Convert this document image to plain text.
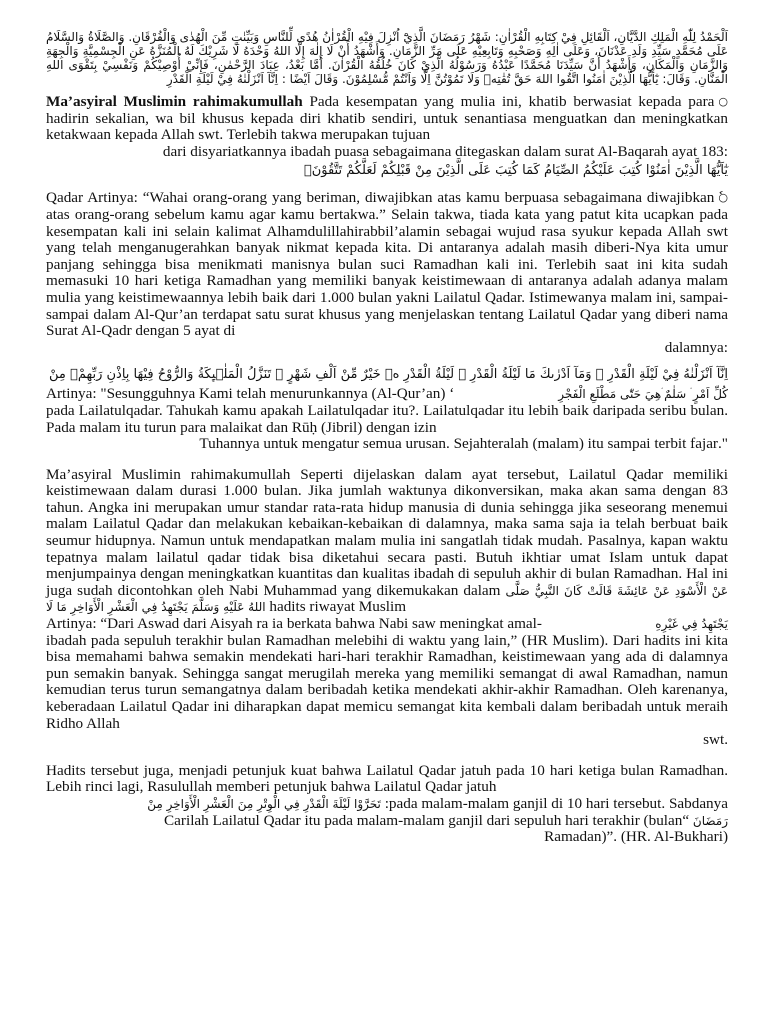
اَلْحَمْدُ لِلّٰهِ الْمَلِكِ الدَّيَّانِ، اَلْقَائِلِ فِيْ كِتَابِهِ الْقُرْاٰنِ: شَهْرُ رَمَضَانَ الَّذِيْٓ اُنْزِلَ فِيْهِ الْقُرْاٰنُ هُدًى لِّلنَّاسِ وَبَيِّنٰتٍ مِّنَ الْهُدٰى وَالْفُرْقَانِ. وَالصَّلَاةُ وَالسَّلَامُ عَلَى مُحَمَّدٍ سَيِّدِ وَلَدِ عَدْنَانَ، وَعَلَى اٰلِهِ وَصَحْبِهِ وَتَابِعِيْهِ عَلَى مَرِّ الزَّمَانِ. وَأَشْهَدُ أَنْ لَا إِلٰهَ إِلَّا اللهُ وَحْدَهُ لَا شَرِيْكَ لَهُ الْمُنَزَّهُ عَنِ الْجِسْمِيَّةِ وَالْجِهَةِ وَالزَّمَانِ وَالْمَكَانِ، وَأَشْهَدُ أَنَّ سَيِّدَنَا مُحَمَّدًا عَبْدُهُ وَرَسُوْلُهُ الَّذِيْ كَانَ خُلُقُهُ الْقُرْاٰنَ. أَمَّا بَعْدُ، عِبَادَ الرَّحْمٰنِ، فَإِنِّيْ أُوْصِيْكُمْ وَنَفْسِيْ بِتَقْوَى اللهِ الْمَنَّانِ. وَقَالَ: يٰٓأَيُّهَا الَّذِيْنَ اٰمَنُوا اتَّقُوا اللهَ حَقَّ تُقٰتِهٖ وَلَا تَمُوْتُنَّ اِلَّا وَاَنْتُمْ مُّسْلِمُوْنَ. وَقَالَ اَيْضًا : اِنَّآ اَنْزَلْنٰهُ فِيْ لَيْلَةِ الْقَدْرِ

○
Ma’asyiral Muslimin rahimakumullah Pada kesempatan yang mulia ini, khatib berwasiat kepada para hadirin sekalian, wa bil khusus kepada diri khatib sendiri, untuk senantiasa menguatkan dan meningkatkan ketakwaan kepada Allah swt. Terlebih takwa merupakan tujuan

:dari disyariatkannya ibadah puasa sebagaimana ditegaskan dalam surat Al-Baqarah ayat 183

يٰٓاَيُّهَا الَّذِيْنَ اٰمَنُوْا كُتِبَ عَلَيْكُمُ الصِّيَامُ كَمَا كُتِبَ عَلَى الَّذِيْنَ مِنْ قَبْلِكُمْ لَعَلَّكُمْ تَتَّقُوْنَۙ

○ٗ
Qadar Artinya: “Wahai orang-orang yang beriman, diwajibkan atas kamu berpuasa sebagaimana diwajibkan atas orang-orang sebelum kamu agar kamu bertakwa.” Selain takwa, tiada kata yang patut kita ucapkan pada kesempatan kali ini selain kalimat Alhamdulillahirabbil’alamin sebagai wujud rasa syukur kepada Allah swt yang telah menganugerahkan banyak nikmat kepada kita. Di antaranya adalah masih diberi-Nya kita umur panjang sehingga bisa menikmati manisnya bulan suci Ramadhan kali ini. Terlebih saat ini kita sudah memasuki 10 hari ketiga Ramadhan yang memiliki banyak keistimewaan di antaranya adalah adanya malam mulia yang keistimewaannya lebih baik dari 1.000 bulan yakni Lailatul Qadar. Istimewanya malam ini, sampai-sampai dalam Al-Qur’an terdapat satu surat khusus yang menjelaskan tentang Lailatul Qadar yang diberi nama Surat Al-Qadr dengan 5 ayat di

:dalamnya

اِنَّآ اَنْزَلْنٰهُ فِيْ لَيْلَةِ الْقَدْرِ ۚ وَمَآ اَدْرٰىكَ مَا لَيْلَةُ الْقَدْرِ ۗ لَيْلَةُ الْقَدْرِ ەۙ خَيْرٌ مِّنْ اَلْفِ شَهْرٍ ۗ تَنَزَّلُ الْمَلٰۤىِٕكَةُ وَالرُّوْحُ فِيْهَا بِاِذْنِ رَبِّهِمْۚ مِنْ

Artinya: "Sesungguhnya Kami telah menurunkannya (Al-Qur’an) ‘	كُلِّ اَمْرٍ ۛ سَلٰمٌ ۛهِيَ حَتّٰى مَطْلَعِ الْفَجْرِ

pada Lailatulqadar. Tahukah kamu apakah Lailatulqadar itu?. Lailatulqadar itu lebih baik daripada seribu bulan. Pada malam itu turun para malaikat dan Rūḥ (Jibril) dengan izin

".Tuhannya untuk mengatur semua urusan. Sejahteralah (malam) itu sampai terbit fajar

Ma’asyiral Muslimin rahimakumullah Seperti dijelaskan dalam ayat tersebut, Lailatul Qadar memiliki keistimewaan dalam durasi 1.000 bulan. Jika jumlah waktunya dikonversikan, maka akan sama dengan 83 tahun. Angka ini merupakan umur standar rata-rata hidup manusia di dunia sehingga jika seseorang menemui malam Lailatul Qadar dan melakukan kebaikan-kebaikan di dalamnya, maka sama saja ia telah berbuat baik seumur hidupnya. Namun untuk mendapatkan malam mulia ini sangatlah tidak mudah. Pasalnya, kapan waktu tepatnya malam lailatul qadar tidak bisa diketahui secara pasti. Butuh ikhtiar umat Islam untuk dapat menjumpainya dengan meningkatkan kuantitas dan kualitas ibadah di sepuluh akhir di bulan Ramadhan. Hal ini juga sudah dicontohkan oleh Nabi Muhammad yang dikemukakan dalam عَنْ الْأَسْوَدِ عَنْ عَائِشَةَ قَالَتْ كَانَ النَّبِيُّ صَلَّى اللهُ عَلَيْهِ وَسَلَّمَ يَجْتَهِدُ فِي الْعَشْرِ الْأَوَاخِرِ مَا لَا hadits riwayat Muslim
Artinya: “Dari Aswad dari Aisyah ra ia berkata bahwa Nabi saw meningkat amal-	يَجْتَهِدُ فِي غَيْرِهِ

ibadah pada sepuluh terakhir bulan Ramadhan melebihi di waktu yang lain,” (HR Muslim). Dari hadits ini kita bisa memahami bahwa semakin mendekati hari-hari terakhir Ramadhan, keistimewaan yang ada di dalamnya pun semakin banyak. Sehingga sangat merugilah mereka yang memiliki semangat di awal Ramadhan, namun kemudian terus turun semangatnya dalam beribadah ketika mendekati akhir-akhir Ramadhan. Oleh karenanya, keberadaan Lailatul Qadar ini diharapkan dapat memicu semangat kita kembali dalam beribadah untuk meraih Ridho Allah

.swt

Hadits tersebut juga, menjadi petunjuk kuat bahwa Lailatul Qadar jatuh pada 10 hari ketiga bulan Ramadhan. Lebih rinci lagi, Rasulullah memberi petunjuk bahwa Lailatul Qadar jatuh

تَحَرَّوْا لَيْلَةَ الْقَدْرِ فِي الْوِتْرِ مِنَ الْعَشْرِ الْأَوَاخِرِ مِنْ :pada malam-malam ganjil di 10 hari tersebut. Sabdanya

Carilah Lailatul Qadar itu pada malam-malam ganjil dari sepuluh hari terakhir (bulan“ رَمَضَانَ

Ramadan)”. (HR. Al-Bukhari)
